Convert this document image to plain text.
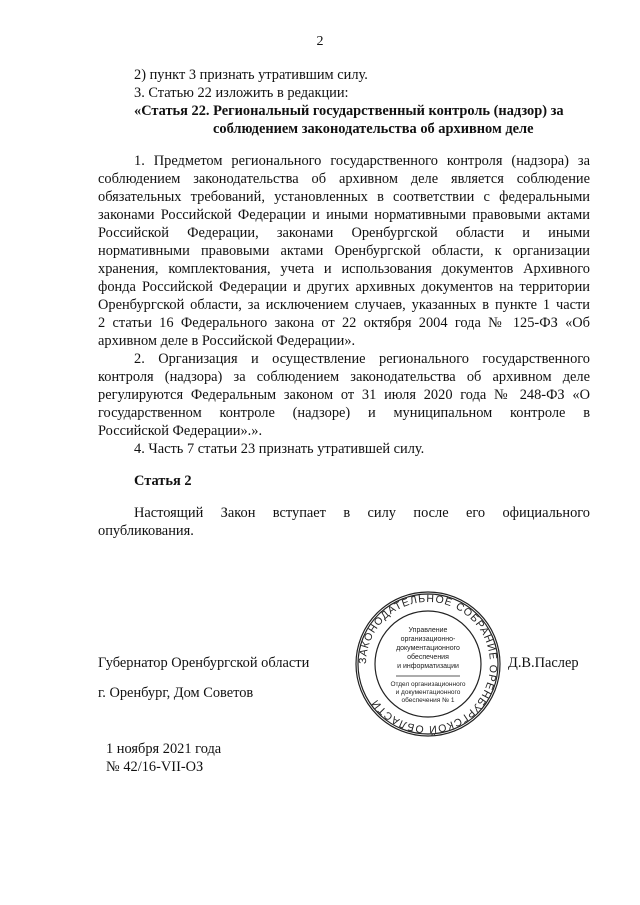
2
2) пункт 3 признать утратившим силу.
3. Статью 22 изложить в редакции:
«Статья 22. Региональный государственный контроль (надзор) за
соблюдением законодательства об архивном деле
1. Предметом регионального государственного контроля (надзора) за
соблюдением законодательства об архивном деле является соблюдение
обязательных требований, установленных в соответствии с федеральными
законами Российской Федерации и иными нормативными правовыми актами
Российской Федерации, законами Оренбургской области и иными
нормативными правовыми актами Оренбургской области, к организации
хранения, комплектования, учета и использования документов Архивного
фонда Российской Федерации и других архивных документов на территории
Оренбургской области, за исключением случаев, указанных в пункте 1 части
2 статьи 16 Федерального закона от 22 октября 2004 года № 125-ФЗ «Об
архивном деле в Российской Федерации».
2. Организация и осуществление регионального государственного
контроля (надзора) за соблюдением законодательства об архивном деле
регулируются Федеральным законом от 31 июля 2020 года № 248-ФЗ «О
государственном контроле (надзоре) и муниципальном контроле в
Российской Федерации».».
4. Часть 7 статьи 23 признать утратившей силу.
Статья 2
Настоящий Закон вступает в силу после его официального
опубликования.
Губернатор Оренбургской области	Д.В.Паслер
г. Оренбург, Дом Советов
1 ноября 2021 года
№ 42/16-VII-ОЗ
ЗАКОНОДАТЕЛЬНОЕ СОБРАНИЕ ОРЕНБУРГСКОЙ ОБЛАСТИ
Управление
организационно-
документационного
обеспечения
и информатизации
Отдел организационного
и документационного
обеспечения № 1
